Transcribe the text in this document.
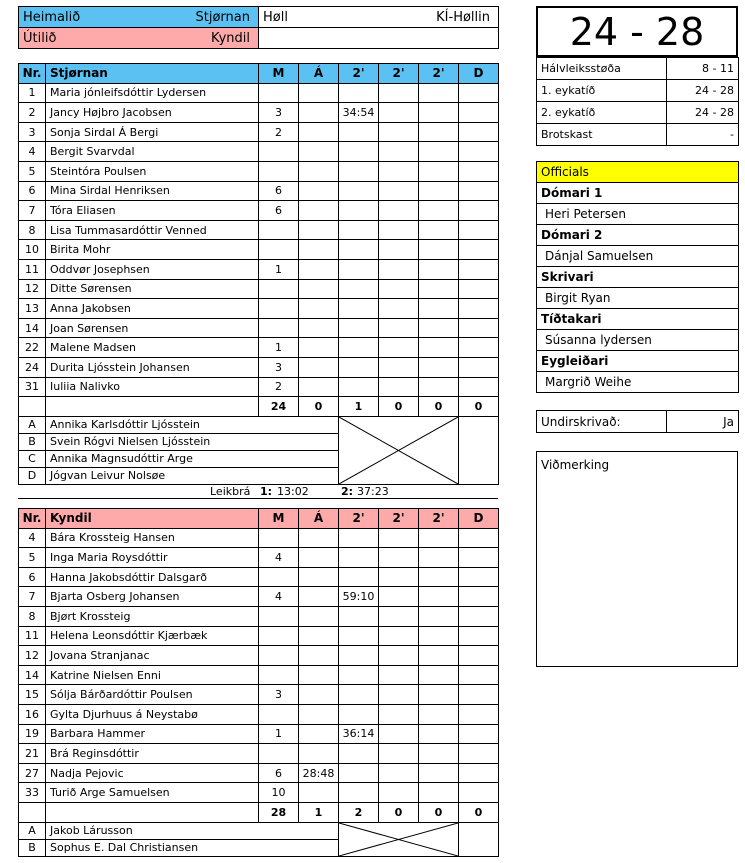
Heimalið Stjørnan	Høll KÍ-Høllin

Útilið Kyndil	

Nr.	Stjørnan	M	Á	2'	2'	2'	D
1	Maria jónleifsdóttir Lydersen						
2	Jancy Højbro Jacobsen	3		34:54			
3	Sonja Sirdal Á Bergi	2					
4	Bergit Svarvdal						
5	Steintóra Poulsen						
6	Mina Sirdal Henriksen	6					
7	Tóra Eliasen	6					
8	Lisa Tummasardóttir Venned						
10	Birita Mohr						
11	Oddvør Josephsen	1					
12	Ditte Sørensen						
13	Anna Jakobsen						
14	Joan Sørensen						
22	Malene Madsen	1					
24	Durita Ljósstein Johansen	3					
31	Iuliia Nalivko	2					
		24	0	1	0	0	0
A	Annika Karlsdóttir Ljósstein	

B	Svein Rógvi Nielsen Ljósstein						
C	Annika Magnsudóttir Arge						
D	Jógvan Leivur Nolsøe						
Leikbrá 1: 13:02	2: 37:23
Nr.	Kyndil	M	Á	2'	2'	2'	D
4	Bára Krossteig Hansen						
5	Inga Maria Roysdóttir	4					
6	Hanna Jakobsdóttir Dalsgarð						
7	Bjarta Osberg Johansen	4		59:10			
8	Bjørt Krossteig						
11	Helena Leonsdóttir Kjærbæk						
12	Jovana Stranjanac						
14	Katrine Nielsen Enni						
15	Sólja Bárðardóttir Poulsen	3					
16	Gylta Djurhuus á Neystabø						
19	Barbara Hammer	1		36:14			
21	Brá Reginsdóttir						
27	Nadja Pejovic	6	28:48				
33	Turið Arge Samuelsen	10					
		28	1	2	0	0	0
A	Jakob Lárusson	

B	Sophus E. Dal Christiansen						
24 - 28
Hálvleiksstøða	8 - 11
1. eykatíð	24 - 28
2. eykatíð	24 - 28
Brotskast	-
Officials
Dómari 1
Heri Petersen
Dómari 2
Dánjal Samuelsen
Skrivari
Birgit Ryan
Tíðtakari
Súsanna lydersen
Eygleiðari
Margrið Weihe
Undirskrivað:	Ja
Viðmerking
